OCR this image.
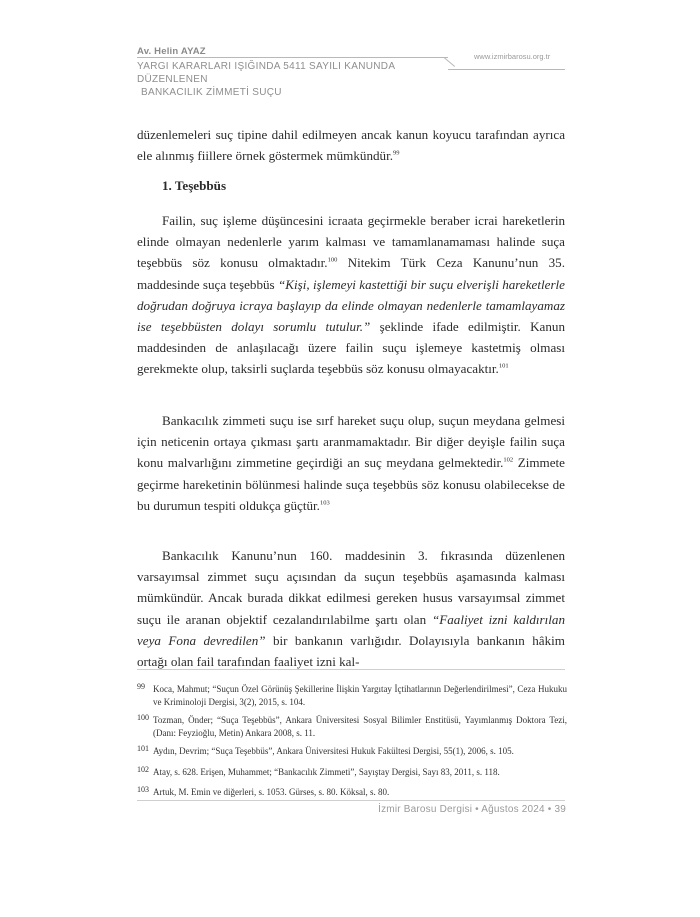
Av. Helin AYAZ
YARGI KARARLARI IŞIĞINDA 5411 SAYILI KANUNDA DÜZENLENEN
BANKACILIK ZİMMETİ SUÇU
www.izmirbarosu.org.tr

düzenlemeleri suç tipine dahil edilmeyen ancak kanun koyucu tarafından ayrıca ele alınmış fiillere örnek göstermek mümkündür.$^{99}$

1. Teşebbüs

Failin, suç işleme düşüncesini icraata geçirmekle beraber icrai hareketlerin elinde olmayan nedenlerle yarım kalması ve tamamlanamaması halinde suça teşebbüs söz konusu olmaktadır.$^{100}$ Nitekim Türk Ceza Kanunu’nun 35. maddesinde suça teşebbüs “Kişi, işlemeyi kastettiği bir suçu elverişli hareketlerle doğrudan doğruya icraya başlayıp da elinde olmayan nedenlerle tamamlayamaz ise teşebbüsten dolayı sorumlu tutulur.” şeklinde ifade edilmiştir. Kanun maddesinden de anlaşılacağı üzere failin suçu işlemeye kastetmiş olması gerekmekte olup, taksirli suçlarda teşebbüs söz konusu olmayacaktır.$^{101}$

Bankacılık zimmeti suçu ise sırf hareket suçu olup, suçun meydana gelmesi için neticenin ortaya çıkması şartı aranmamaktadır. Bir diğer deyişle failin suça konu malvarlığını zimmetine geçirdiği an suç meydana gelmektedir.$^{102}$ Zimmete geçirme hareketinin bölünmesi halinde suça teşebbüs söz konusu olabilecekse de bu durumun tespiti oldukça güçtür.$^{103}$

Bankacılık Kanunu’nun 160. maddesinin 3. fıkrasında düzenlenen varsayımsal zimmet suçu açısından da suçun teşebbüs aşamasında kalması mümkündür. Ancak burada dikkat edilmesi gereken husus varsayımsal zimmet suçu ile aranan objektif cezalandırılabilme şartı olan “Faaliyet izni kaldırılan veya Fona devredilen” bir bankanın varlığıdır. Dolayısıyla bankanın hâkim ortağı olan fail tarafından faaliyet izni kal-

99 Koca, Mahmut; “Suçun Özel Görünüş Şekillerine İlişkin Yargıtay İçtihatlarının Değerlendirilmesi”, Ceza Hukuku ve Kriminoloji Dergisi, 3(2), 2015, s. 104.
100 Tozman, Önder; “Suça Teşebbüs”, Ankara Üniversitesi Sosyal Bilimler Enstitüsü, Yayımlanmış Doktora Tezi, (Danı: Feyzioğlu, Metin) Ankara 2008, s. 11.
101 Aydın, Devrim; “Suça Teşebbüs”, Ankara Üniversitesi Hukuk Fakültesi Dergisi, 55(1), 2006, s. 105.
102 Atay, s. 628. Erişen, Muhammet; “Bankacılık Zimmeti”, Sayıştay Dergisi, Sayı 83, 2011, s. 118.
103 Artuk, M. Emin ve diğerleri, s. 1053. Gürses, s. 80. Köksal, s. 80.
İzmir Barosu Dergisi • Ağustos 2024 • 39
